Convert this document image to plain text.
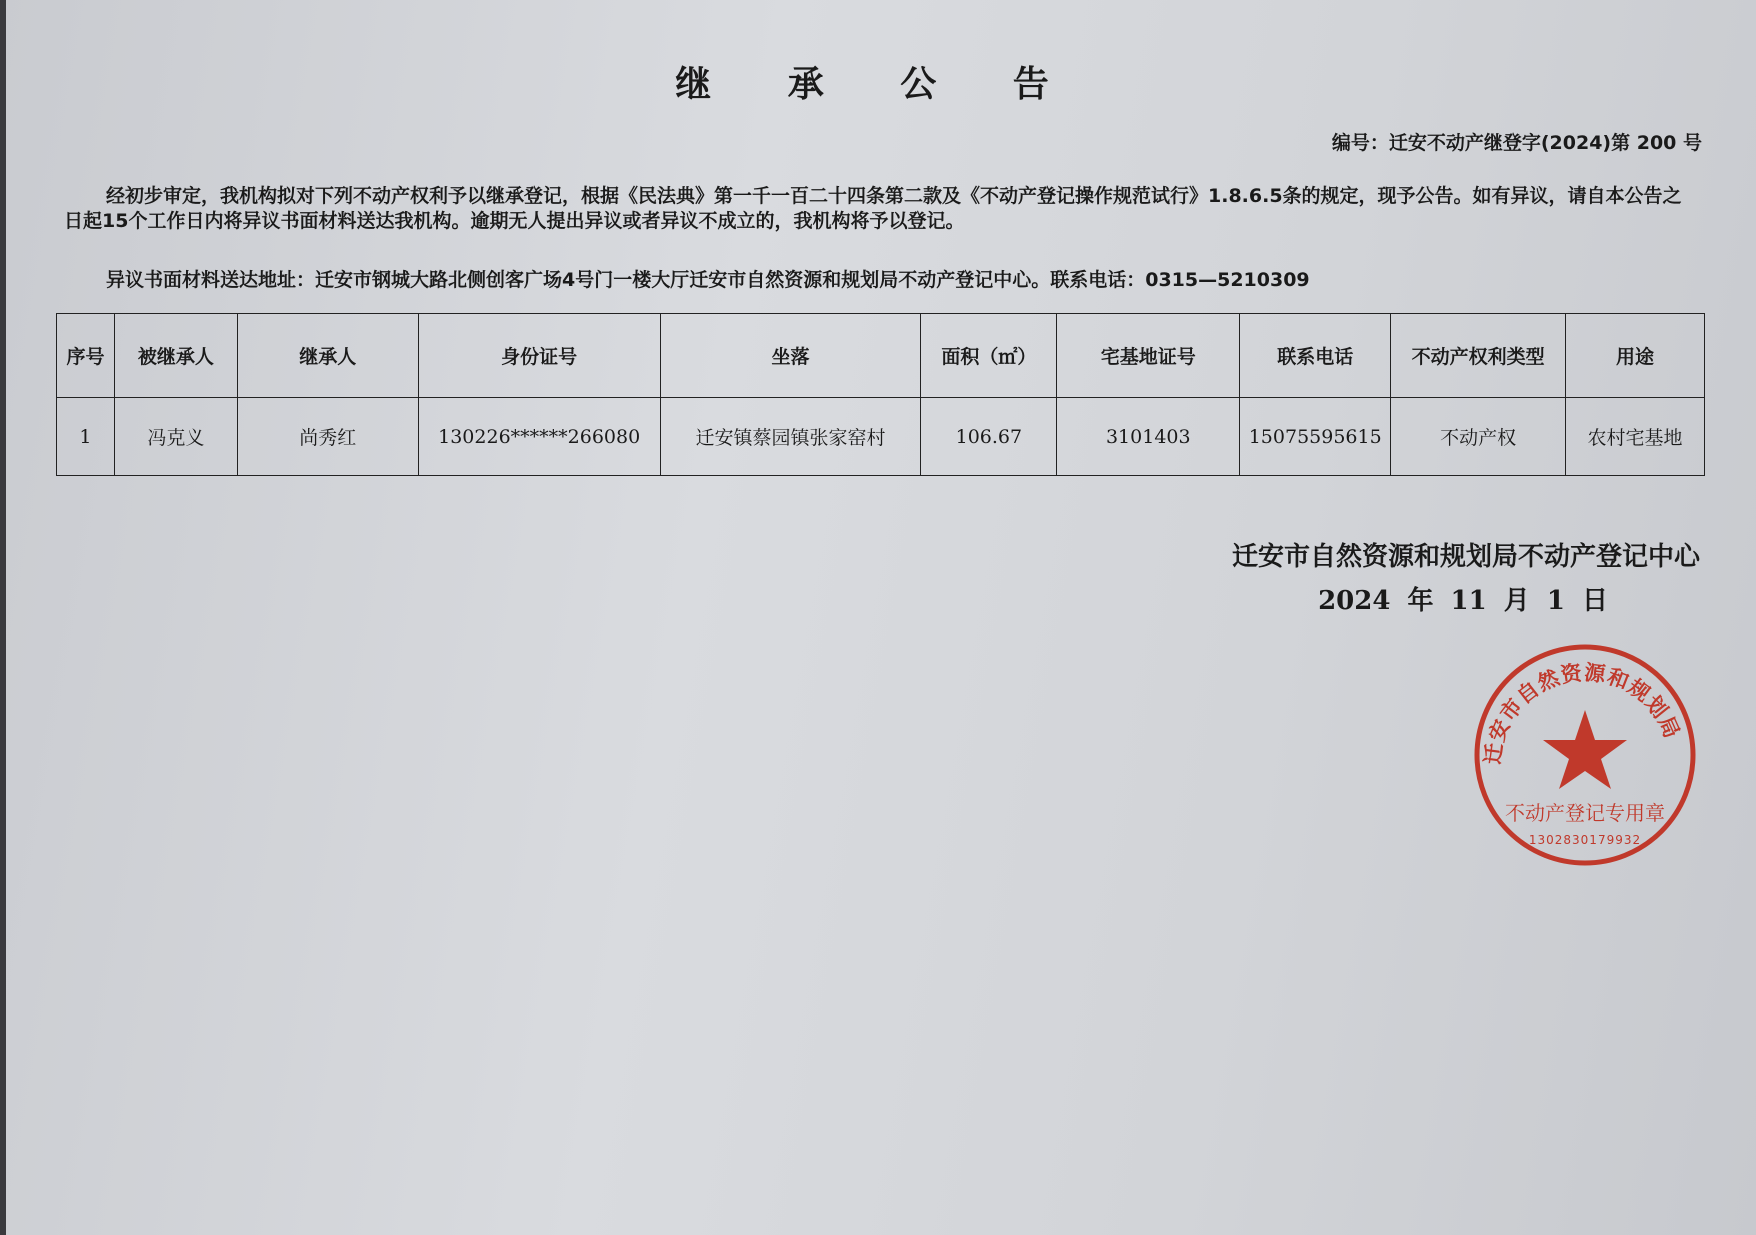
继 承 公 告
编号：迁安不动产继登字(2024)第 200 号
经初步审定，我机构拟对下列不动产权利予以继承登记，根据《民法典》第一千一百二十四条第二款及《不动产登记操作规范试行》1.8.6.5条的规定，现予公告。如有异议，请自本公告之日起15个工作日内将异议书面材料送达我机构。逾期无人提出异议或者异议不成立的，我机构将予以登记。
异议书面材料送达地址：迁安市钢城大路北侧创客广场4号门一楼大厅迁安市自然资源和规划局不动产登记中心。联系电话：0315—5210309
序号	被继承人	继承人	身份证号	坐落	面积（㎡）	宅基地证号	联系电话	不动产权利类型	用途
1	冯克义	尚秀红	130226******266080	迁安镇蔡园镇张家窑村	106.67	3101403	15075595615	不动产权	农村宅基地
迁安市自然资源和规划局不动产登记中心
2024 年 11 月 1 日
迁安市自然资源和规划局
不动产登记专用章
1302830179932
